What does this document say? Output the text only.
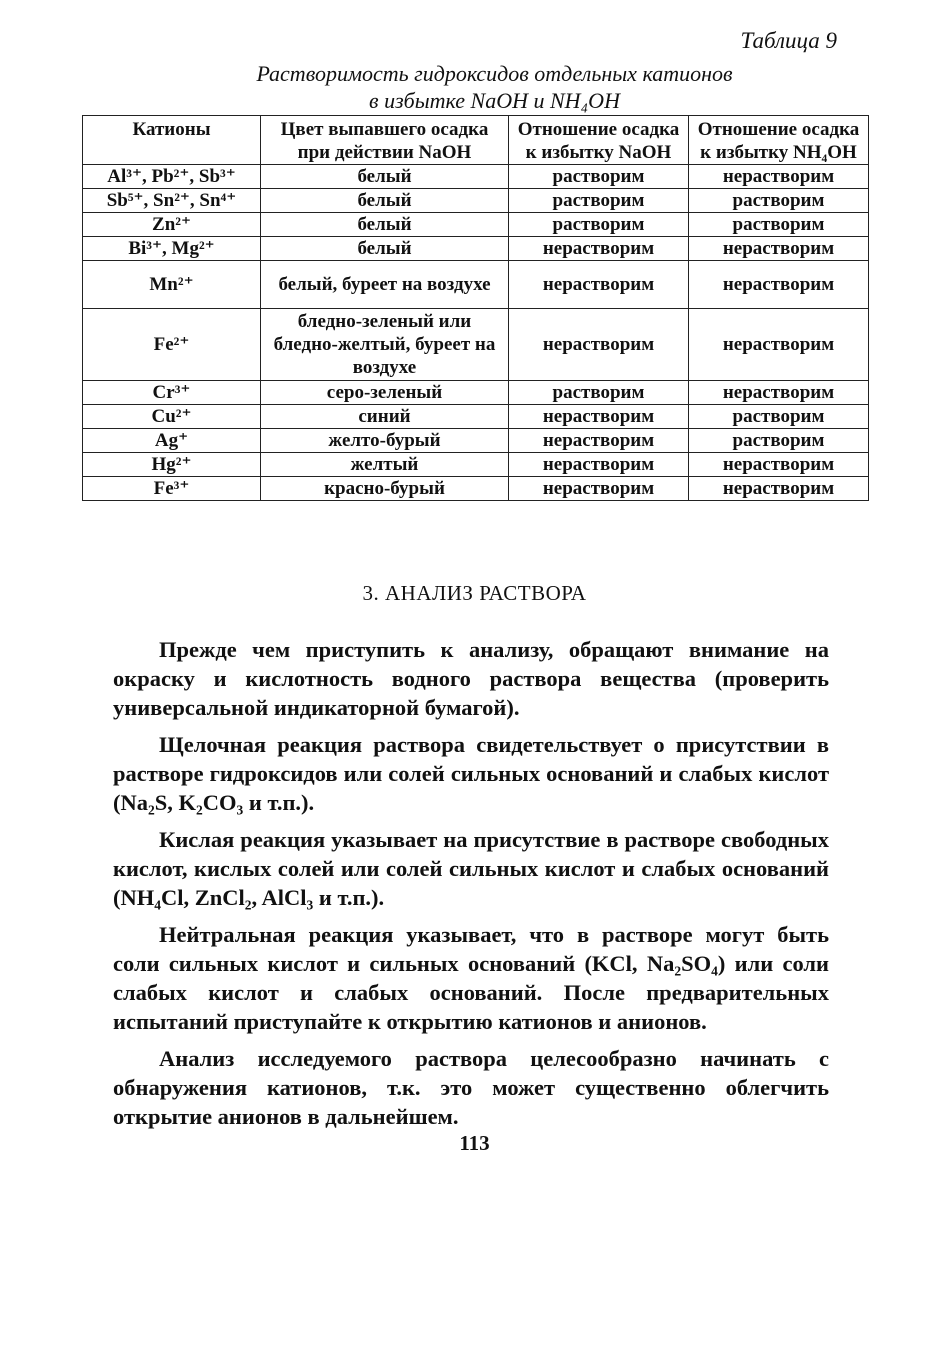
Таблица 9
Растворимость гидроксидов отдельных катионов
в избытке NaOH и NH₄OH
Катионы	Цвет выпавшего осадка при действии NaOH	Отношение осадка к избытку NaOH	Отношение осадка к избытку NH₄OH
Al³⁺, Pb²⁺, Sb³⁺	белый	растворим	нерастворим
Sb⁵⁺, Sn²⁺, Sn⁴⁺	белый	растворим	растворим
Zn²⁺	белый	растворим	растворим
Bi³⁺, Mg²⁺	белый	нерастворим	нерастворим
Mn²⁺	белый, буреет на воздухе	нерастворим	нерастворим
Fe²⁺	бледно-зеленый или бледно-желтый, буреет на воздухе	нерастворим	нерастворим
Cr³⁺	серо-зеленый	растворим	нерастворим
Cu²⁺	синий	нерастворим	растворим
Ag⁺	желто-бурый	нерастворим	растворим
Hg²⁺	желтый	нерастворим	нерастворим
Fe³⁺	красно-бурый	нерастворим	нерастворим
3. АНАЛИЗ РАСТВОРА

Прежде чем приступить к анализу, обращают внимание на окраску и кислотность водного раствора вещества (проверить универсальной индикаторной бумагой).

Щелочная реакция раствора свидетельствует о присутствии в растворе гидроксидов или солей сильных оснований и слабых кислот (Na₂S, K₂CO₃ и т.п.).

Кислая реакция указывает на присутствие в растворе свободных кислот, кислых солей или солей сильных кислот и слабых оснований (NH₄Cl, ZnCl₂, AlCl₃ и т.п.).

Нейтральная реакция указывает, что в растворе могут быть соли сильных кислот и сильных оснований (KCl, Na₂SO₄) или соли слабых кислот и слабых оснований. После предварительных испытаний приступайте к открытию катионов и анионов.

Анализ исследуемого раствора целесообразно начинать с обнаружения катионов, т.к. это может существенно облегчить открытие анионов в дальнейшем.

113
